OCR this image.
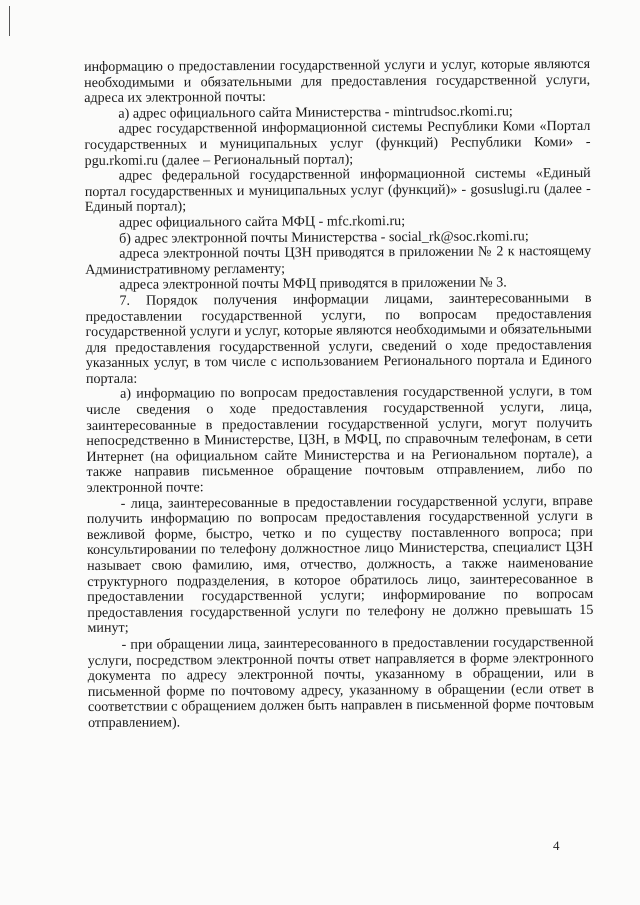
информацию о предоставлении государственной услуги и услуг, которые являются необходимыми и обязательными для предоставления государственной услуги, адреса их электронной почты:

а) адрес официального сайта Министерства - mintrudsoc.rkomi.ru;

адрес государственной информационной системы Республики Коми «Портал государственных и муниципальных услуг (функций) Республики Коми» - pgu.rkomi.ru (далее – Региональный портал);

адрес федеральной государственной информационной системы «Единый портал государственных и муниципальных услуг (функций)» - gosuslugi.ru (далее - Единый портал);

адрес официального сайта МФЦ - mfc.rkomi.ru;

б) адрес электронной почты Министерства - social_rk@soc.rkomi.ru;

адреса электронной почты ЦЗН приводятся в приложении № 2 к настоящему Административному регламенту;

адреса электронной почты МФЦ приводятся в приложении № 3.

7. Порядок получения информации лицами, заинтересованными в предоставлении государственной услуги, по вопросам предоставления государственной услуги и услуг, которые являются необходимыми и обязательными для предоставления государственной услуги, сведений о ходе предоставления указанных услуг, в том числе с использованием Регионального портала и Единого портала:

а) информацию по вопросам предоставления государственной услуги, в том числе сведения о ходе предоставления государственной услуги, лица, заинтересованные в предоставлении государственной услуги, могут получить непосредственно в Министерстве, ЦЗН, в МФЦ, по справочным телефонам, в сети Интернет (на официальном сайте Министерства и на Региональном портале), а также направив письменное обращение почтовым отправлением, либо по электронной почте:

- лица, заинтересованные в предоставлении государственной услуги, вправе получить информацию по вопросам предоставления государственной услуги в вежливой форме, быстро, четко и по существу поставленного вопроса; при консультировании по телефону должностное лицо Министерства, специалист ЦЗН называет свою фамилию, имя, отчество, должность, а также наименование структурного подразделения, в которое обратилось лицо, заинтересованное в предоставлении государственной услуги; информирование по вопросам предоставления государственной услуги по телефону не должно превышать 15 минут;

- при обращении лица, заинтересованного в предоставлении государственной услуги, посредством электронной почты ответ направляется в форме электронного документа по адресу электронной почты, указанному в обращении, или в письменной форме по почтовому адресу, указанному в обращении (если ответ в соответствии с обращением должен быть направлен в письменной форме почтовым отправлением).

4
